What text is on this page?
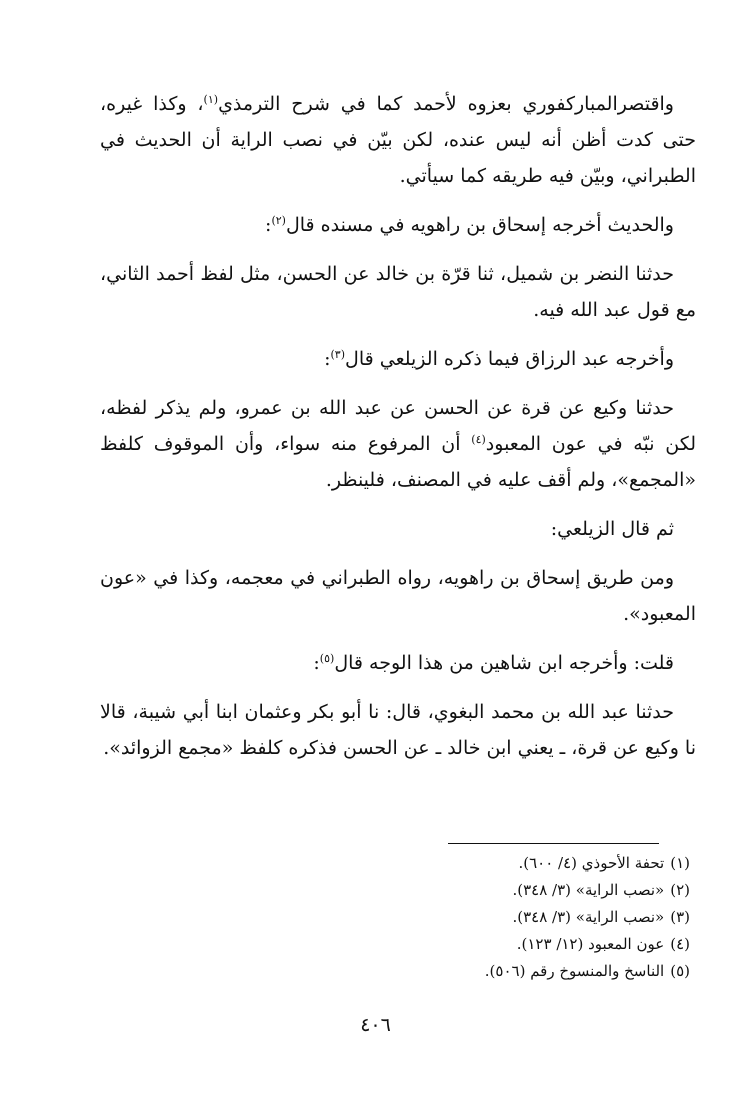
واقتصرالمباركفوري بعزوه لأحمد كما في شرح الترمذي$^{(١)}$، وكذا غيره، حتى كدت أظن أنه ليس عنده، لكن بيّن في نصب الراية أن الحديث في الطبراني، وبيّن فيه طريقه كما سيأتي.

والحديث أخرجه إسحاق بن راهويه في مسنده قال$^{(٢)}$:

حدثنا النضر بن شميل، ثنا قرّة بن خالد عن الحسن، مثل لفظ أحمد الثاني، مع قول عبد الله فيه.

وأخرجه عبد الرزاق فيما ذكره الزيلعي قال$^{(٣)}$:

حدثنا وكيع عن قرة عن الحسن عن عبد الله بن عمرو، ولم يذكر لفظه، لكن نبّه في عون المعبود$^{(٤)}$ أن المرفوع منه سواء، وأن الموقوف كلفظ «المجمع»، ولم أقف عليه في المصنف، فلينظر.

ثم قال الزيلعي:

ومن طريق إسحاق بن راهويه، رواه الطبراني في معجمه، وكذا في «عون المعبود».

قلت: وأخرجه ابن شاهين من هذا الوجه قال$^{(٥)}$:

حدثنا عبد الله بن محمد البغوي، قال: نا أبو بكر وعثمان ابنا أبي شيبة، قالا نا وكيع عن قرة، ـ يعني ابن خالد ـ عن الحسن فذكره كلفظ «مجمع الزوائد».

(١)تحفة الأحوذي (٤/ ٦٠٠).

(٢)«نصب الراية» (٣/ ٣٤٨).

(٣)«نصب الراية» (٣/ ٣٤٨).

(٤)عون المعبود (١٢/ ١٢٣).

(٥)الناسخ والمنسوخ رقم (٥٠٦).

٤٠٦
